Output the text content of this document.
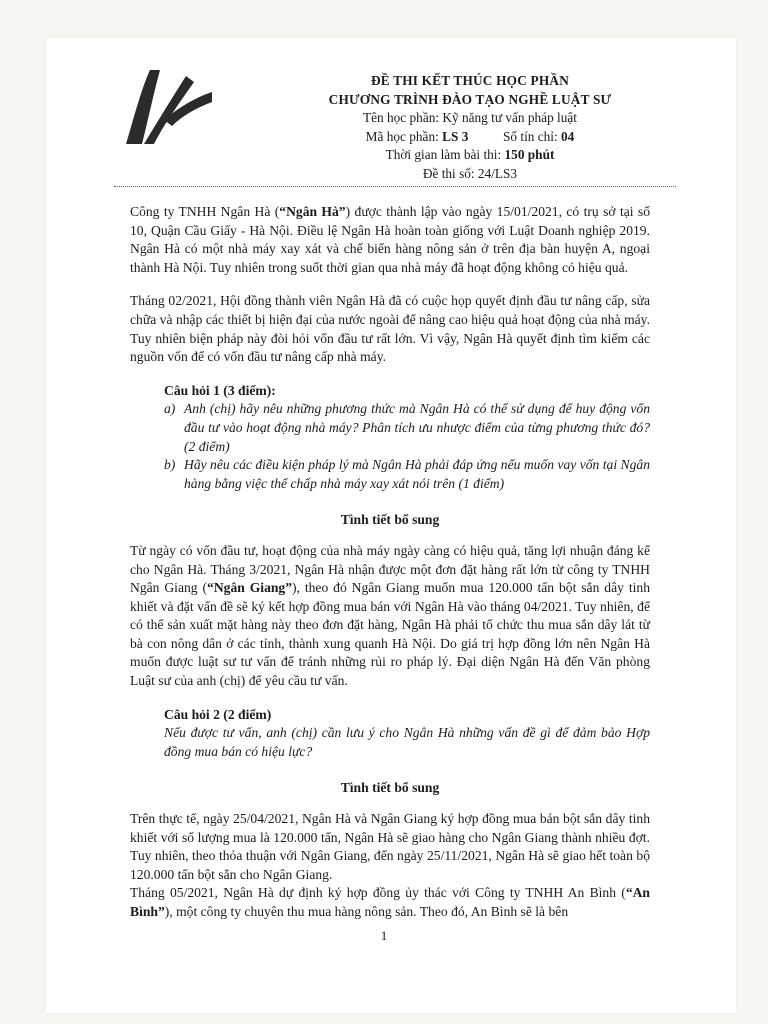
ĐỀ THI KẾT THÚC HỌC PHẦN
CHƯƠNG TRÌNH ĐÀO TẠO NGHỀ LUẬT SƯ
Tên học phần: Kỹ năng tư vấn pháp luật
Mã học phần: LS 3	Số tín chỉ: 04
Thời gian làm bài thi: 150 phút
Đề thi số: 24/LS3

Công ty TNHH Ngân Hà (“Ngân Hà”) được thành lập vào ngày 15/01/2021, có trụ sở tại số 10, Quận Cầu Giấy - Hà Nội. Điều lệ Ngân Hà hoàn toàn giống với Luật Doanh nghiệp 2019. Ngân Hà có một nhà máy xay xát và chế biến hàng nông sản ở trên địa bàn huyện A, ngoại thành Hà Nội. Tuy nhiên trong suốt thời gian qua nhà máy đã hoạt động không có hiệu quả.

Tháng 02/2021, Hội đồng thành viên Ngân Hà đã có cuộc họp quyết định đầu tư nâng cấp, sửa chữa và nhập các thiết bị hiện đại của nước ngoài để nâng cao hiệu quả hoạt động của nhà máy. Tuy nhiên biện pháp này đòi hỏi vốn đầu tư rất lớn. Vì vậy, Ngân Hà quyết định tìm kiếm các nguồn vốn để có vốn đầu tư nâng cấp nhà máy.

Câu hỏi 1 (3 điểm):
a) Anh (chị) hãy nêu những phương thức mà Ngân Hà có thể sử dụng để huy động vốn đầu tư vào hoạt động nhà máy? Phân tích ưu nhược điểm của từng phương thức đó?(2 điểm)
b) Hãy nêu các điều kiện pháp lý mà Ngân Hà phải đáp ứng nếu muốn vay vốn tại Ngân hàng bằng việc thế chấp nhà máy xay xát nói trên (1 điểm)
Tình tiết bổ sung

Từ ngày có vốn đầu tư, hoạt động của nhà máy ngày càng có hiệu quả, tăng lợi nhuận đáng kể cho Ngân Hà. Tháng 3/2021, Ngân Hà nhận được một đơn đặt hàng rất lớn từ công ty TNHH Ngân Giang (“Ngân Giang”), theo đó Ngân Giang muốn mua 120.000 tấn bột sắn dây tinh khiết và đặt vấn đề sẽ ký kết hợp đồng mua bán với Ngân Hà vào tháng 04/2021. Tuy nhiên, để có thể sản xuất mặt hàng này theo đơn đặt hàng, Ngân Hà phải tổ chức thu mua sắn dây lát từ bà con nông dân ở các tỉnh, thành xung quanh Hà Nội. Do giá trị hợp đồng lớn nên Ngân Hà muốn được luật sư tư vấn để tránh những rủi ro pháp lý. Đại diện Ngân Hà đến Văn phòng Luật sư của anh (chị) để yêu cầu tư vấn.

Câu hỏi 2 (2 điểm)
Nếu được tư vấn, anh (chị) cần lưu ý cho Ngân Hà những vấn đề gì để đảm bảo Hợp đồng mua bán có hiệu lực?
Tình tiết bổ sung

Trên thực tế, ngày 25/04/2021, Ngân Hà và Ngân Giang ký hợp đồng mua bán bột sắn dây tinh khiết với số lượng mua là 120.000 tấn, Ngân Hà sẽ giao hàng cho Ngân Giang thành nhiều đợt. Tuy nhiên, theo thỏa thuận với Ngân Giang, đến ngày 25/11/2021, Ngân Hà sẽ giao hết toàn bộ 120.000 tấn bột sắn cho Ngân Giang.

Tháng 05/2021, Ngân Hà dự định ký hợp đồng ủy thác với Công ty TNHH An Bình (“An Bình”), một công ty chuyên thu mua hàng nông sản. Theo đó, An Bình sẽ là bên

1
